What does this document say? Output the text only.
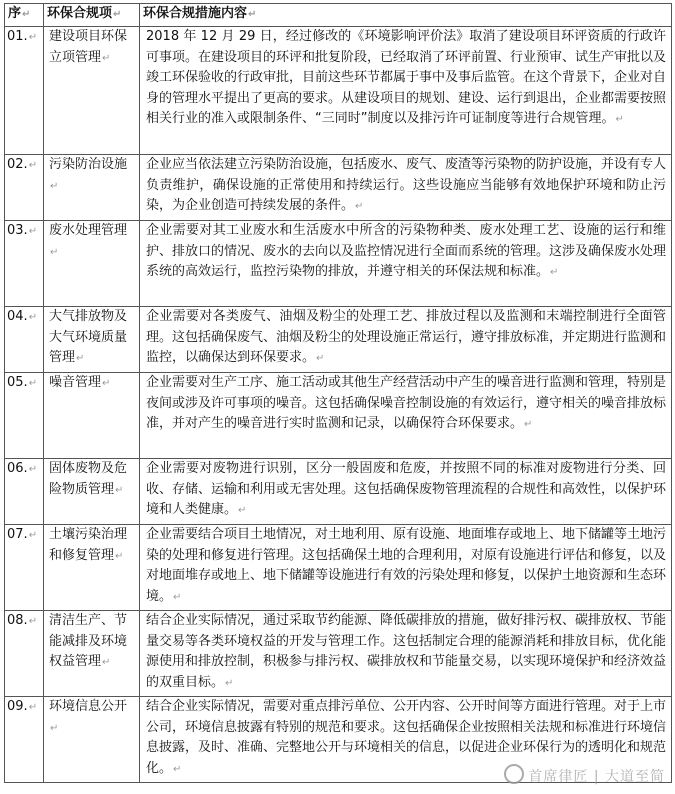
序↵	环保合规项↵	环保合规措施内容↵
01.↵	建设项目环保立项管理↵	2018 年 12 月 29 日，经过修改的《环境影响评价法》取消了建设项目环评资质的行政许可事项。在建设项目的环评和批复阶段，已经取消了环评前置、行业预审、试生产审批以及竣工环保验收的行政审批，目前这些环节都属于事中及事后监管。在这个背景下，企业对自身的管理水平提出了更高的要求。从建设项目的规划、建设、运行到退出，企业都需要按照相关行业的准入或限制条件、“三同时”制度以及排污许可证制度等进行合规管理。↵
02.↵	污染防治设施↵	企业应当依法建立污染防治设施，包括废水、废气、废渣等污染物的防护设施，并设有专人负责维护，确保设施的正常使用和持续运行。这些设施应当能够有效地保护环境和防止污染，为企业创造可持续发展的条件。↵
03.↵	废水处理管理↵	企业需要对其工业废水和生活废水中所含的污染物种类、废水处理工艺、设施的运行和维护、排放口的情况、废水的去向以及监控情况进行全面而系统的管理。这涉及确保废水处理系统的高效运行，监控污染物的排放，并遵守相关的环保法规和标准。↵
04.↵	大气排放物及大气环境质量管理↵	企业需要对各类废气、油烟及粉尘的处理工艺、排放过程以及监测和末端控制进行全面管理。这包括确保废气、油烟及粉尘的处理设施正常运行，遵守排放标准，并定期进行监测和监控，以确保达到环保要求。↵
05.↵	噪音管理↵	企业需要对生产工序、施工活动或其他生产经营活动中产生的噪音进行监测和管理，特别是夜间或涉及许可事项的噪音。这包括确保噪音控制设施的有效运行，遵守相关的噪音排放标准，并对产生的噪音进行实时监测和记录，以确保符合环保要求。↵
06.↵	固体废物及危险物质管理↵	企业需要对废物进行识别，区分一般固废和危废，并按照不同的标准对废物进行分类、回收、存储、运输和利用或无害处理。这包括确保废物管理流程的合规性和高效性，以保护环境和人类健康。↵
07.↵	土壤污染治理和修复管理↵	企业需要结合项目土地情况，对土地利用、原有设施、地面堆存或地上、地下储罐等土地污染的处理和修复进行管理。这包括确保土地的合理利用，对原有设施进行评估和修复，以及对地面堆存或地上、地下储罐等设施进行有效的污染处理和修复，以保护土地资源和生态环境。↵
08.↵	清洁生产、节能减排及环境权益管理↵	结合企业实际情况，通过采取节约能源、降低碳排放的措施，做好排污权、碳排放权、节能量交易等各类环境权益的开发与管理工作。这包括制定合理的能源消耗和排放目标，优化能源使用和排放控制，积极参与排污权、碳排放权和节能量交易，以实现环境保护和经济效益的双重目标。↵
09.↵	环境信息公开↵	结合企业实际情况，需要对重点排污单位、公开内容、公开时间等方面进行管理。对于上市公司，环境信息披露有特别的规范和要求。这包括确保企业按照相关法规和标准进行环境信息披露，及时、准确、完整地公开与环境相关的信息，以促进企业环保行为的透明化和规范化。↵	首席律匠 | 大道至简
